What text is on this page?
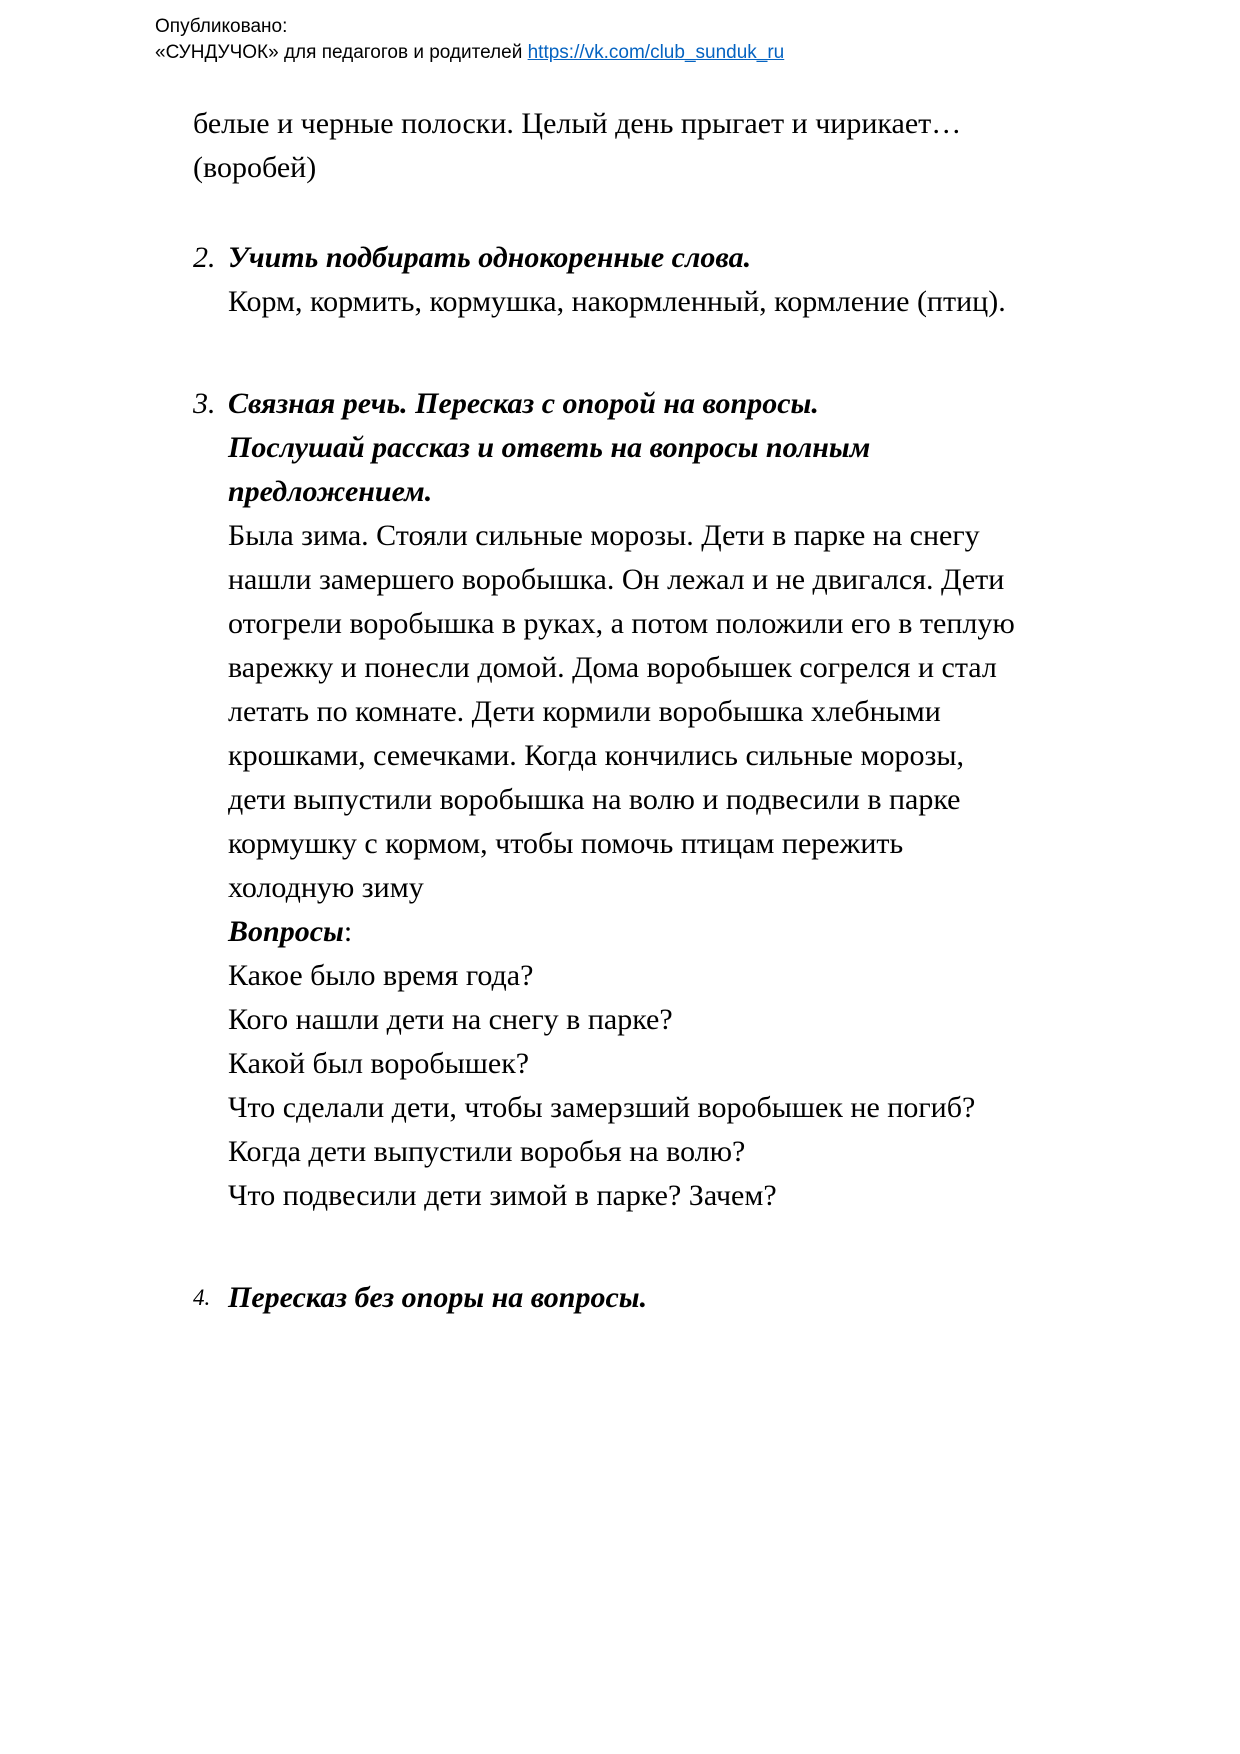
Опубликовано:
«СУНДУЧОК» для педагогов и родителей https://vk.com/club_sunduk_ru

белые и черные полоски. Целый день прыгает и чирикает… (воробей)

2. Учить подбирать однокоренные слова.
Корм, кормить, кормушка, накормленный, кормление (птиц).
3. Связная речь. Пересказ с опорой на вопросы.
Послушай рассказ и ответь на вопросы полным предложением.
Была зима. Стояли сильные морозы. Дети в парке на снегу нашли замершего воробышка. Он лежал и не двигался. Дети отогрели воробышка в руках, а потом положили его в теплую варежку и понесли домой. Дома воробышек согрелся и стал летать по комнате. Дети кормили воробышка хлебными крошками, семечками. Когда кончились сильные морозы, дети выпустили воробышка на волю и подвесили в парке кормушку с кормом, чтобы помочь птицам пережить холодную зиму
Вопросы:
Какое было время года?
Кого нашли дети на снегу в парке?
Какой был воробышек?
Что сделали дети, чтобы замерзший воробышек не погиб?
Когда дети выпустили воробья на волю?
Что подвесили дети зимой в парке? Зачем?
4. Пересказ без опоры на вопросы.
